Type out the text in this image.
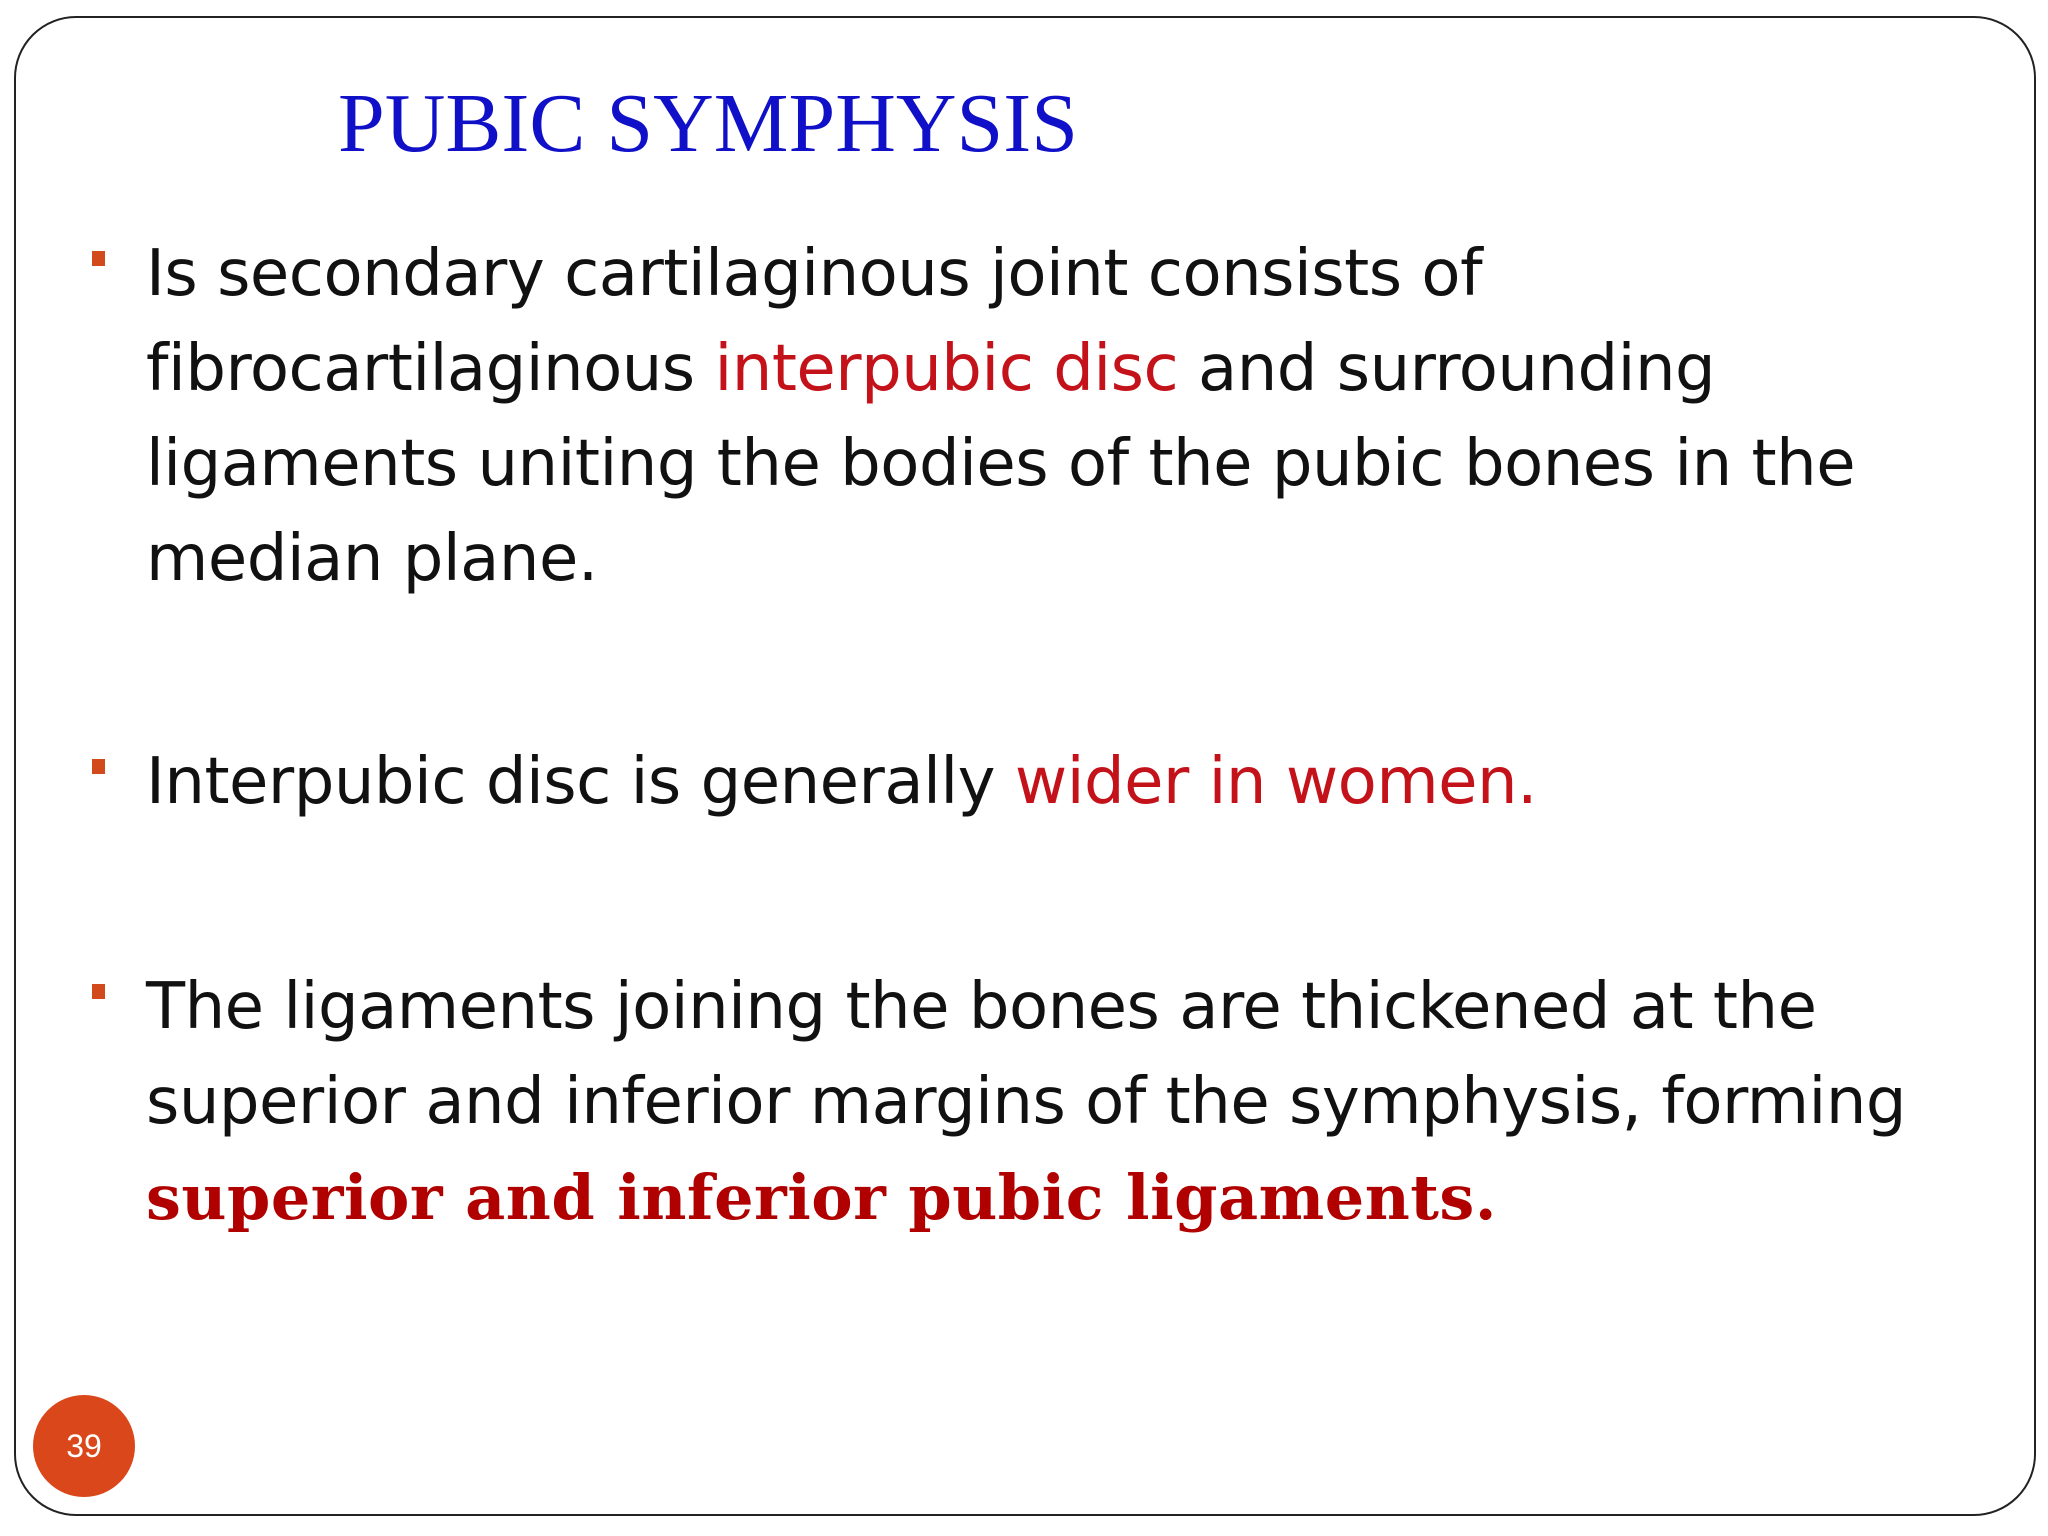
PUBIC SYMPHYSIS
Is secondary cartilaginous joint consists of fibrocartilaginous interpubic disc and surrounding ligaments uniting the bodies of the pubic bones in the median plane.
Interpubic disc is generally wider in women.
The ligaments joining the bones are thickened at the superior and inferior margins of the symphysis, forming superior and inferior pubic ligaments.
39
